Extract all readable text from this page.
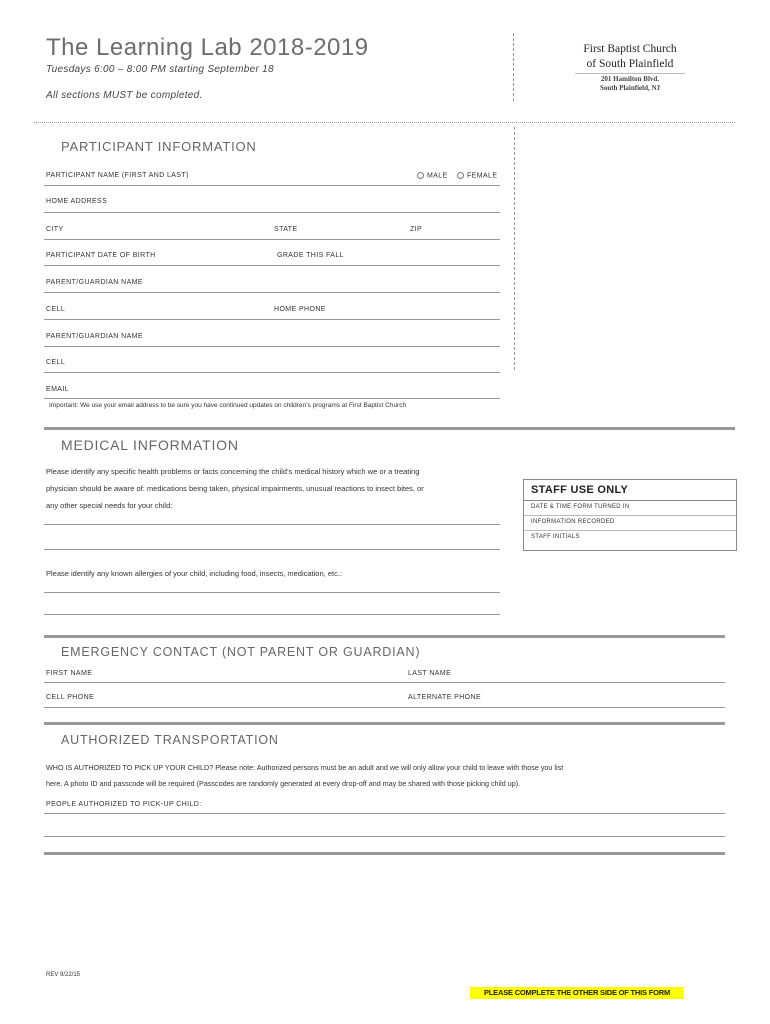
The Learning Lab 2018-2019
Tuesdays 6:00 – 8:00 PM starting September 18
All sections MUST be completed.
First Baptist Church
of South Plainfield
201 Hamilton Blvd.
South Plainfield, NJ
PARTICIPANT INFORMATION
PARTICIPANT NAME (FIRST AND LAST)	MALE	FEMALE
HOME ADDRESS
CITY	STATE	ZIP
PARTICIPANT DATE OF BIRTH	GRADE THIS FALL
PARENT/GUARDIAN NAME
CELL	HOME PHONE
PARENT/GUARDIAN NAME
CELL
EMAIL
Important: We use your email address to be sure you have continued updates on children’s programs at First Baptist Church
MEDICAL INFORMATION
Please identify any specific health problems or facts concerning the child’s medical history which we or a treating
physician should be aware of: medications being taken, physical impairments, unusual reactions to insect bites, or
any other special needs for your child:
Please identify any known allergies of your child, including food, insects, medication, etc.:
STAFF USE ONLY
DATE & TIME FORM TURNED IN
INFORMATION RECORDED
STAFF INITIALS
EMERGENCY CONTACT (NOT PARENT OR GUARDIAN)
FIRST NAME	LAST NAME
CELL PHONE	ALTERNATE PHONE
AUTHORIZED TRANSPORTATION
WHO IS AUTHORIZED TO PICK UP YOUR CHILD? Please note: Authorized persons must be an adult and we will only allow your child to leave with those you list
here. A photo ID and passcode will be required (Passcodes are randomly generated at every drop-off and may be shared with those picking child up).
PEOPLE AUTHORIZED TO PICK-UP CHILD:
REV 9/22/15
PLEASE COMPLETE THE OTHER SIDE OF THIS FORM
